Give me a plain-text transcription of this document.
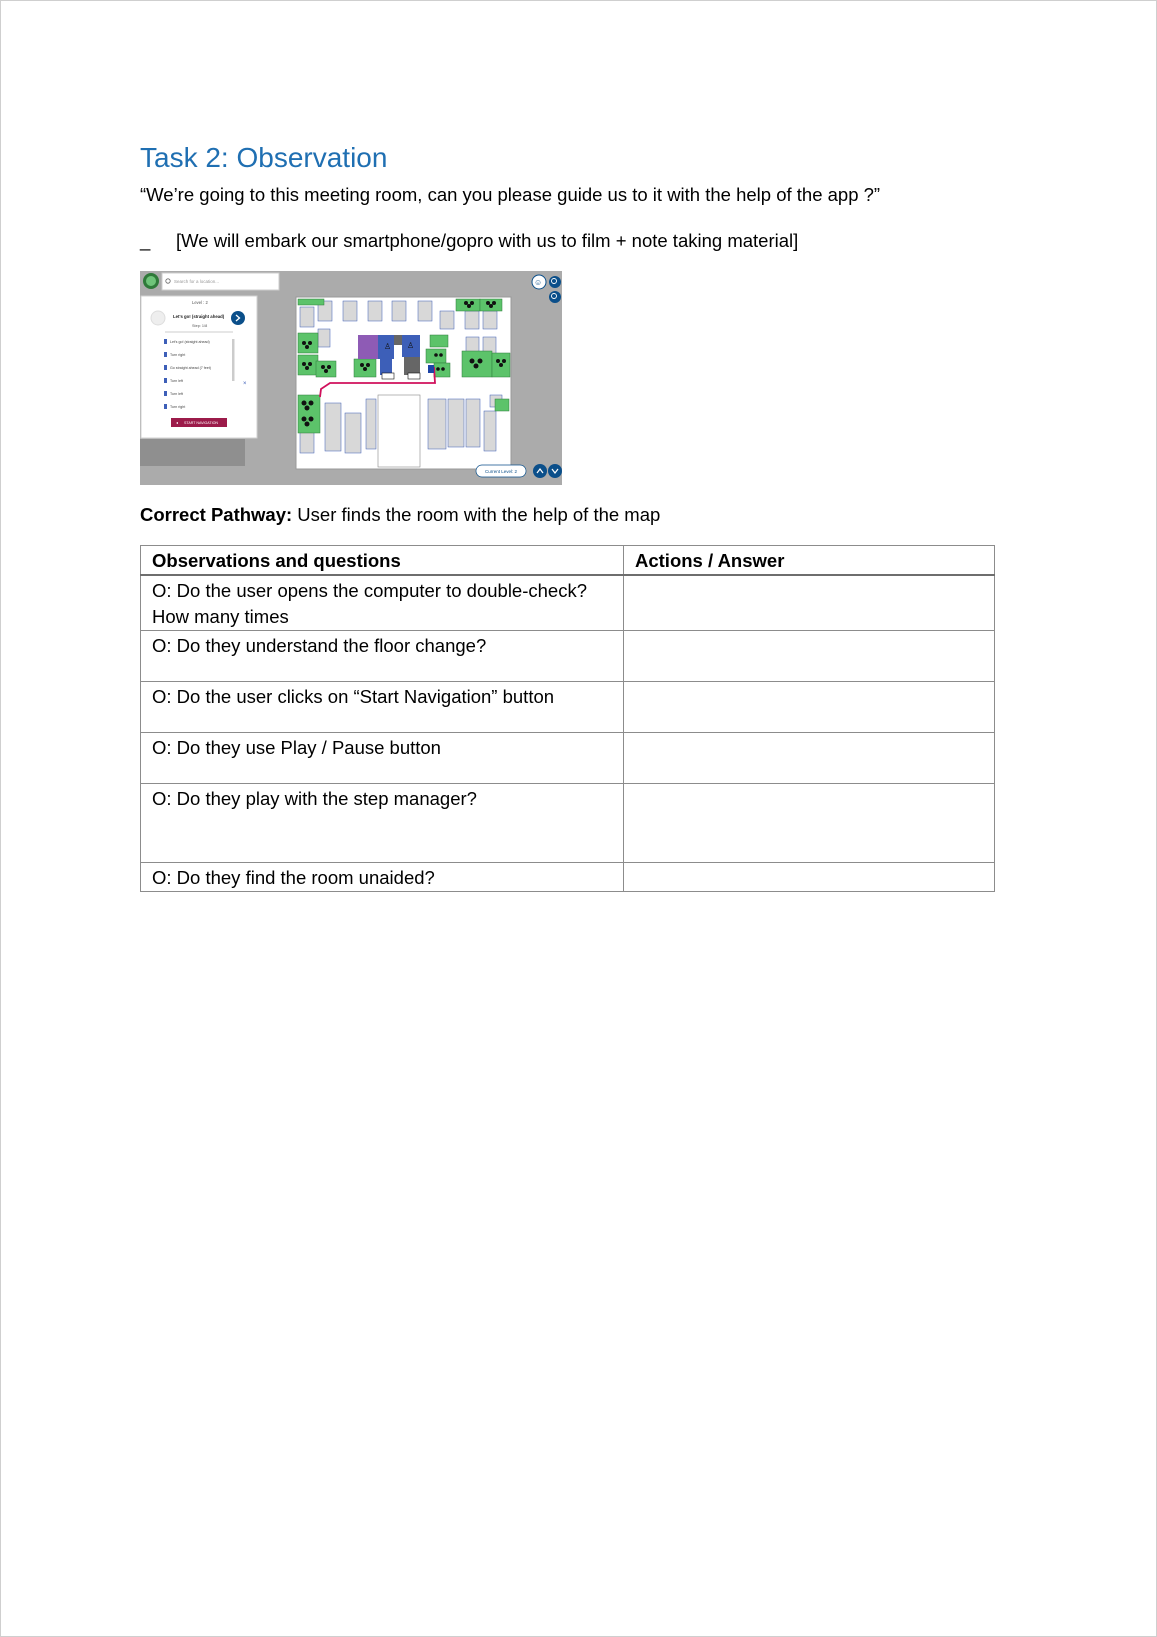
Task 2: Observation
“We’re going to this meeting room, can you please guide us to it with the help of the app ?”
_	[We will embark our smartphone/gopro with us to film + note taking material]
Search for a location...
Level : 2
Let's go! (straight ahead)
Step: 1/8
Let's go! (straight ahead)
Turn right
Go straight ahead (7 feet)
Turn left
Turn left
Turn right
×
◂ START NAVIGATION
♙ ♙
Current Level: 2
☺
Correct Pathway: User finds the room with the help of the map
Observations and questions	Actions / Answer
O: Do the user opens the computer to double-check? How many times	
O: Do they understand the floor change?	
O: Do the user clicks on “Start Navigation” button	
O: Do they use Play / Pause button	
O: Do they play with the step manager?	
O: Do they find the room unaided?	
